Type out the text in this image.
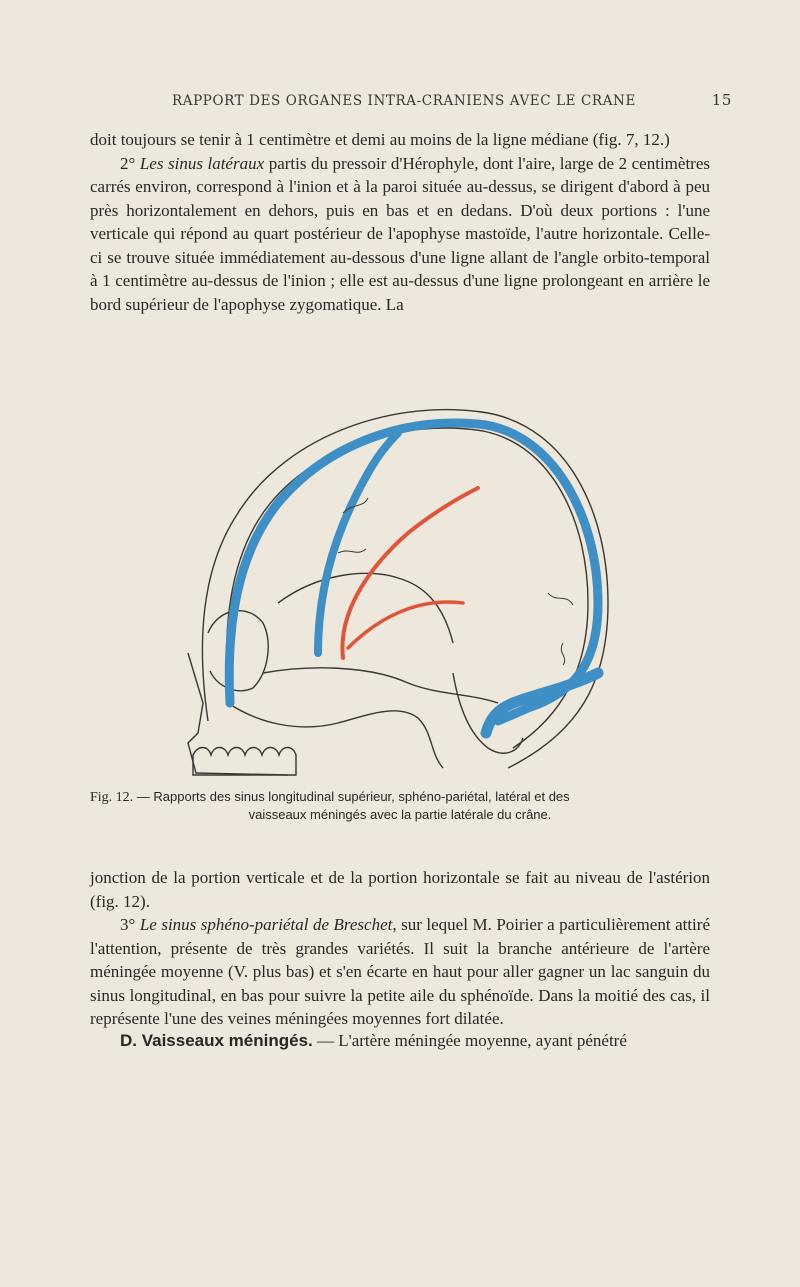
RAPPORT DES ORGANES INTRA-CRANIENS AVEC LE CRANE	15

doit toujours se tenir à 1 centimètre et demi au moins de la ligne médiane (fig. 7, 12.)

2° Les sinus latéraux partis du pressoir d'Hérophyle, dont l'aire, large de 2 centimètres carrés environ, correspond à l'inion et à la paroi située au-dessus, se dirigent d'abord à peu près horizontalement en dehors, puis en bas et en dedans. D'où deux portions : l'une verticale qui répond au quart postérieur de l'apophyse mastoïde, l'autre horizontale. Celle-ci se trouve située immédiatement au-dessous d'une ligne allant de l'angle orbito-temporal à 1 centimètre au-dessus de l'inion ; elle est au-dessus d'une ligne prolongeant en arrière le bord supérieur de l'apophyse zygomatique. La

Fig. 12. — Rapports des sinus longitudinal supérieur, sphéno-pariétal, latéral et des
vaisseaux méningés avec la partie latérale du crâne.

jonction de la portion verticale et de la portion horizontale se fait au niveau de l'astérion (fig. 12).

3° Le sinus sphéno-pariétal de Breschet, sur lequel M. Poirier a particulièrement attiré l'attention, présente de très grandes variétés. Il suit la branche antérieure de l'artère méningée moyenne (V. plus bas) et s'en écarte en haut pour aller gagner un lac sanguin du sinus longitudinal, en bas pour suivre la petite aile du sphénoïde. Dans la moitié des cas, il représente l'une des veines méningées moyennes fort dilatée.

D. Vaisseaux méningés. — L'artère méningée moyenne, ayant pénétré
